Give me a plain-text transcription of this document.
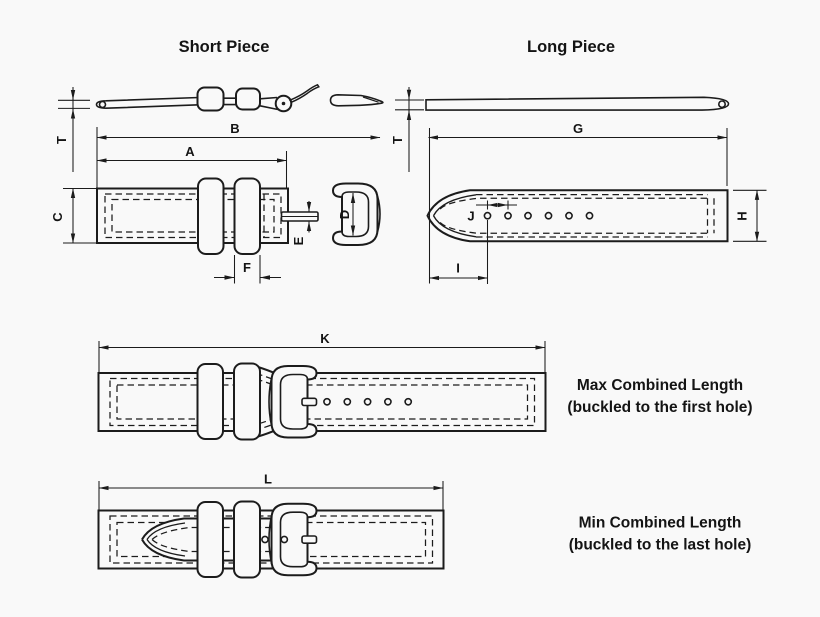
Short Piece	Long Piece
T
B
A
C	D
E
F
T
G
J
I
H
K
Max Combined Length
(buckled to the first hole)
L
Min Combined Length
(buckled to the last hole)
